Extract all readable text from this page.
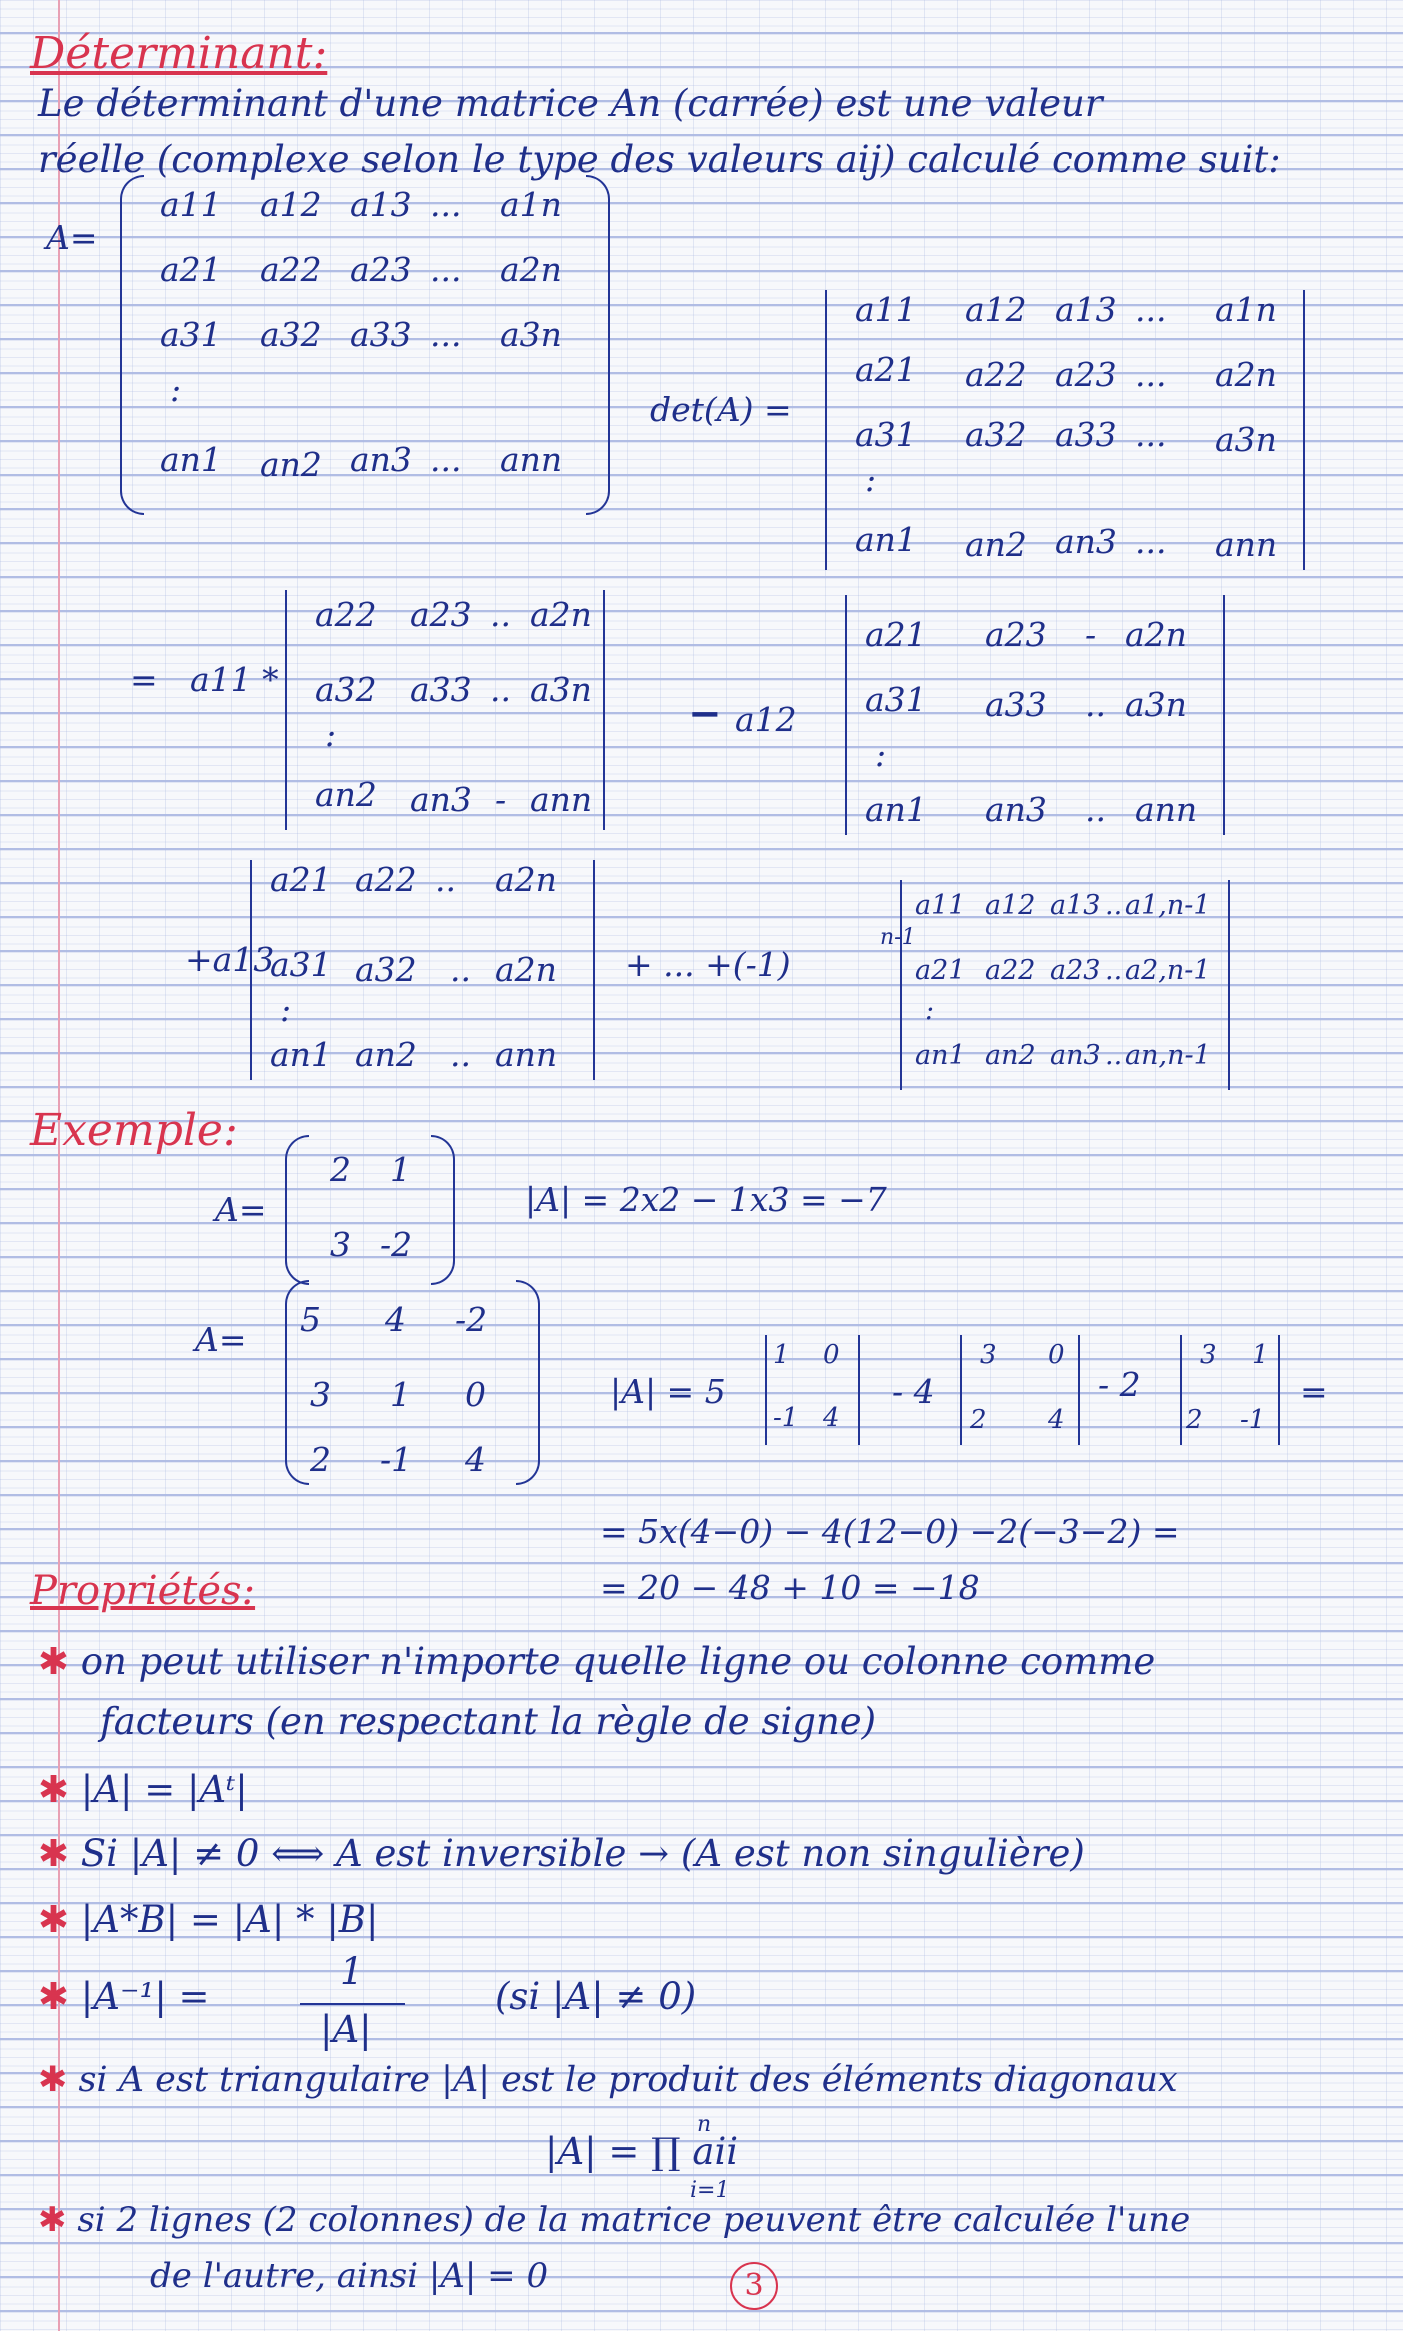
Déterminant:
Le déterminant d'une matrice An (carrée) est une valeur
réelle (complexe selon le type des valeurs aij) calculé comme suit:
A=
a11 a12 a13 ... a1n
a21 a22 a23 ... a2n
a31 a32 a33 ... a3n
:
an1 an2 an3 ... ann
det(A) =
a11 a12 a13 ... a1n
a21 a22 a23 ... a2n
a31 a32 a33 ... a3n
:
an1 an2 an3 ... ann
= a11 *
a22 a23 .. a2n
a32 a33 .. a3n
:
an2 an3 - ann
− a12
a21 a23 - a2n
a31 a33 .. a3n
:
an1 an3 .. ann
+a13
a21 a22 .. a2n
a31 a32 .. a2n
:
an1 an2 .. ann
+ ... +(-1)
n-1
a11 a12 a13 .. a1,n-1
a21 a22 a23 .. a2,n-1
:
an1 an2 an3 .. an,n-1
Exemple:
A=
2 1
3 -2
|A| = 2x2 − 1x3 = −7
A=
5 4 -2
3 1 0
2 -1 4
|A| = 5
1 0
-1 4
- 4
3 0
2 4
- 2
3 1
2 -1
=
= 5x(4−0) − 4(12−0) −2(−3−2) =
= 20 − 48 + 10 = −18
Propriétés:
✱ on peut utiliser n'importe quelle ligne ou colonne comme
facteurs (en respectant la règle de signe)
✱ |A| = |Aᵗ|
✱ Si |A| ≠ 0 ⟺ A est inversible → (A est non singulière)
✱ |A*B| = |A| * |B|
✱ |A⁻¹| =
1
|A|
(si |A| ≠ 0)
✱ si A est triangulaire |A| est le produit des éléments diagonaux
|A| = ∏ aii
n
i=1
✱ si 2 lignes (2 colonnes) de la matrice peuvent être calculée l'une
de l'autre, ainsi |A| = 0	3
